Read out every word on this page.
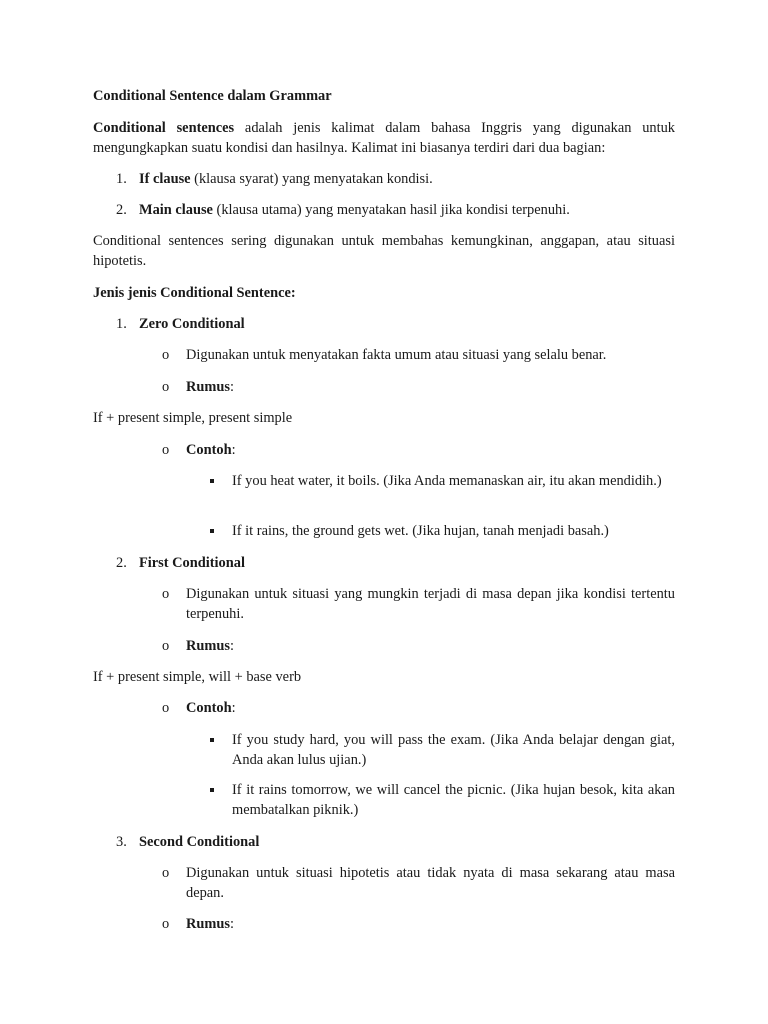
Conditional Sentence dalam Grammar
Conditional sentences adalah jenis kalimat dalam bahasa Inggris yang digunakan untuk mengungkapkan suatu kondisi dan hasilnya. Kalimat ini biasanya terdiri dari dua bagian:
1. If clause (klausa syarat) yang menyatakan kondisi.
2. Main clause (klausa utama) yang menyatakan hasil jika kondisi terpenuhi.
Conditional sentences sering digunakan untuk membahas kemungkinan, anggapan, atau situasi hipotetis.
Jenis jenis Conditional Sentence:
1. Zero Conditional
o Digunakan untuk menyatakan fakta umum atau situasi yang selalu benar.
o Rumus:
If + present simple, present simple
o Contoh:
If you heat water, it boils. (Jika Anda memanaskan air, itu akan mendidih.)
If it rains, the ground gets wet. (Jika hujan, tanah menjadi basah.)
2. First Conditional
o Digunakan untuk situasi yang mungkin terjadi di masa depan jika kondisi tertentu terpenuhi.
o Rumus:
If + present simple, will + base verb
o Contoh:
If you study hard, you will pass the exam. (Jika Anda belajar dengan giat, Anda akan lulus ujian.)
If it rains tomorrow, we will cancel the picnic. (Jika hujan besok, kita akan membatalkan piknik.)
3. Second Conditional
o Digunakan untuk situasi hipotetis atau tidak nyata di masa sekarang atau masa depan.
o Rumus:
